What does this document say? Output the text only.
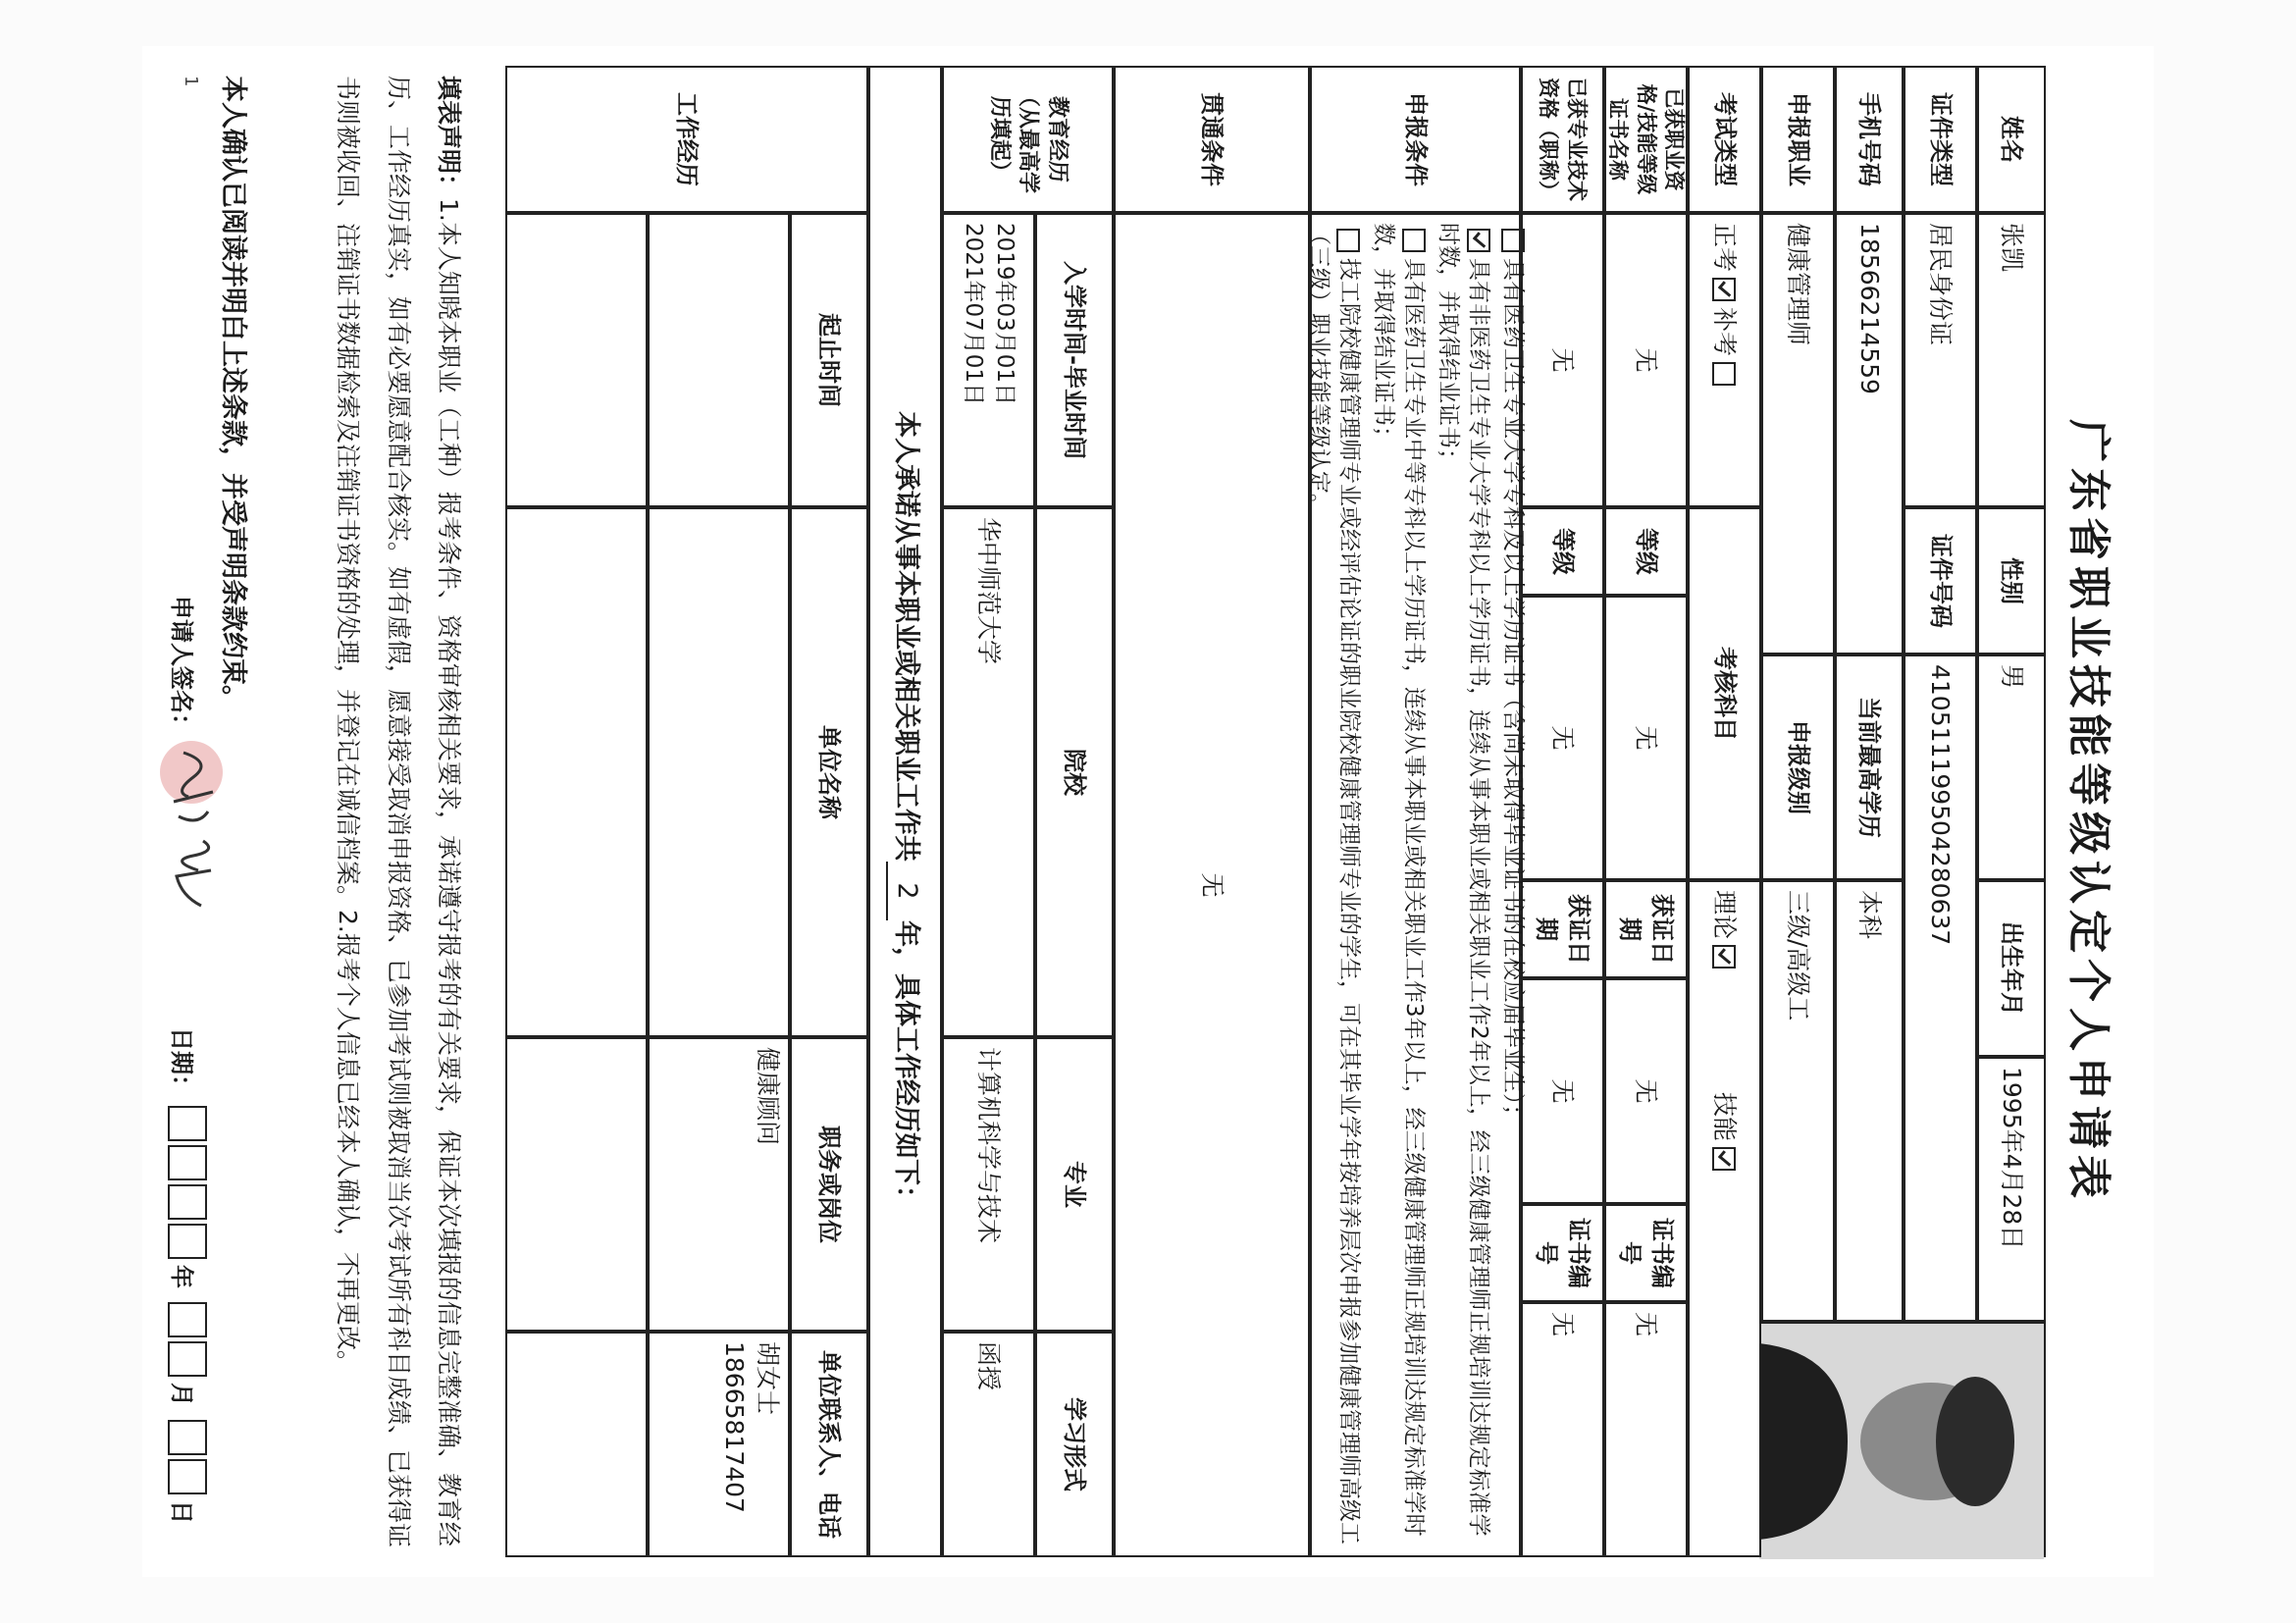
广东省职业技能等级认定个人申请表
姓名
张凯
性别
男
出生年月
1995年4月28日
证件类型
居民身份证
证件号码
410511199504280637
手机号码
18566214559
当前最高学历
本科
申报职业
健康管理师
申报级别
三级/高级工
考试类型
正考
补考
考核科目
理论
技能
已获职业资格/技能等级证书名称
无
等级
无
获证日期
无
证书编号
无
已获专业技术资格（职称）
无
等级
无
获证日期
无
证书编号
无
申报条件

具有医药卫生专业大学专科及以上学历证书（含尚未取得毕业证书的在校应届毕业生）；

具有非医药卫生专业大学专科以上学历证书，连续从事本职业或相关职业工作2年以上，经三级健康管理师正规培训达规定标准学时数，并取得结业证书；

具有医药卫生专业中等专科以上学历证书，连续从事本职业或相关职业工作3年以上，经三级健康管理师正规培训达规定标准学时数，并取得结业证书；

技工院校健康管理师专业或经评估论证的职业院校健康管理师专业的学生，可在其毕业学年按培养层次申报参加健康管理师高级工（三级）职业技能等级认定。

贯通条件
无
教育经历（从最高学历填起）
入学时间-毕业时间
院校
专业
学习形式
2019年03月01日
2021年07月01日
华中师范大学
计算机科学与技术
函授
本人承诺从事本职业或相关职业工作共
2
年，具体工作经历如下：
工作经历
起止时间
单位名称
职务或岗位
单位联系人、电话
健康顾问
胡女士
18665817407
填表声明：1.本人知晓本职业（工种）报考条件、资格审核相关要求，承诺遵守报考的有关要求，保证本次填报的信息完整准确、教育经历、工作经历真实，如有必要愿意配合核实。如有虚假，愿意接受取消申报资格、已参加考试则被取消当次考试所有科目成绩、已获得证书则被收回、注销证书数据检索及注销证书资格的处理，并登记在诚信档案。2.报考个人信息已经本人确认，不再更改。
本人确认已阅读并明白上述条款，并受声明条款约束。
1
申请人签名：
日期：
年
月
日
